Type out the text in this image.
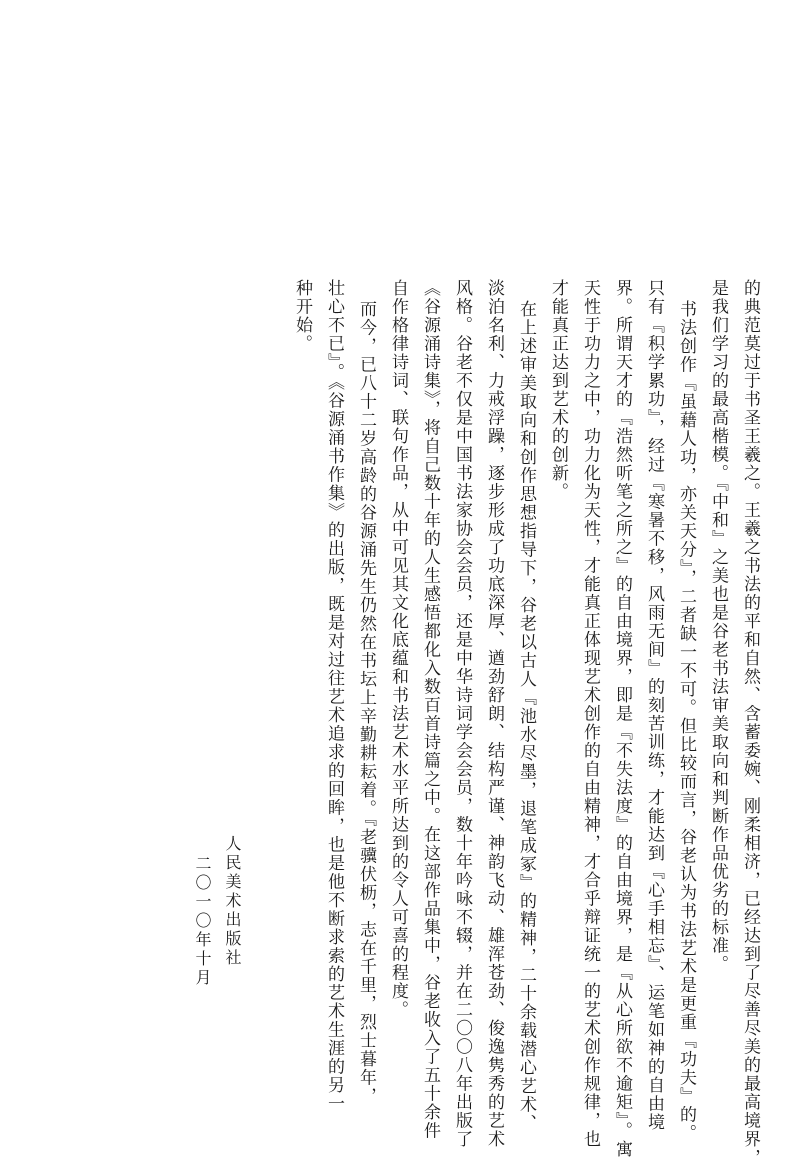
的典范莫过于书圣王羲之。王羲之书法的平和自然、含蓄委婉、刚柔相济，已经达到了尽善尽美的最高境界，
是我们学习的最高楷模。『中和』之美也是谷老书法审美取向和判断作品优劣的标准。
书法创作『虽藉人功，亦关天分』，二者缺一不可。但比较而言，谷老认为书法艺术是更重『功夫』的。
只有『积学累功』，经过『寒暑不移，风雨无间』的刻苦训练，才能达到『心手相忘』、运笔如神的自由境
界。所谓天才的『浩然听笔之所之』的自由境界，即是『不失法度』的自由境界，是『从心所欲不逾矩』。寓
天性于功力之中，功力化为天性，才能真正体现艺术创作的自由精神，才合乎辩证统一的艺术创作规律，也
才能真正达到艺术的创新。
在上述审美取向和创作思想指导下，谷老以古人『池水尽墨，退笔成冢』的精神，二十余载潜心艺术、
淡泊名利、力戒浮躁，逐步形成了功底深厚、遒劲舒朗、结构严谨、神韵飞动、雄浑苍劲、俊逸隽秀的艺术
风格。谷老不仅是中国书法家协会会员，还是中华诗词学会会员，数十年吟咏不辍，并在二〇〇八年出版了
《谷源涌诗集》，将自己数十年的人生感悟都化入数百首诗篇之中。在这部作品集中，谷老收入了五十余件
自作格律诗词、联句作品，从中可见其文化底蕴和书法艺术水平所达到的令人可喜的程度。
而今，已八十二岁高龄的谷源涌先生仍然在书坛上辛勤耕耘着。『老骥伏枥，志在千里，烈士暮年，
壮心不已』。《谷源涌书作集》的出版，既是对过往艺术追求的回眸，也是他不断求索的艺术生涯的另一
种开始。
人民美术出版社
二〇一〇年十月
